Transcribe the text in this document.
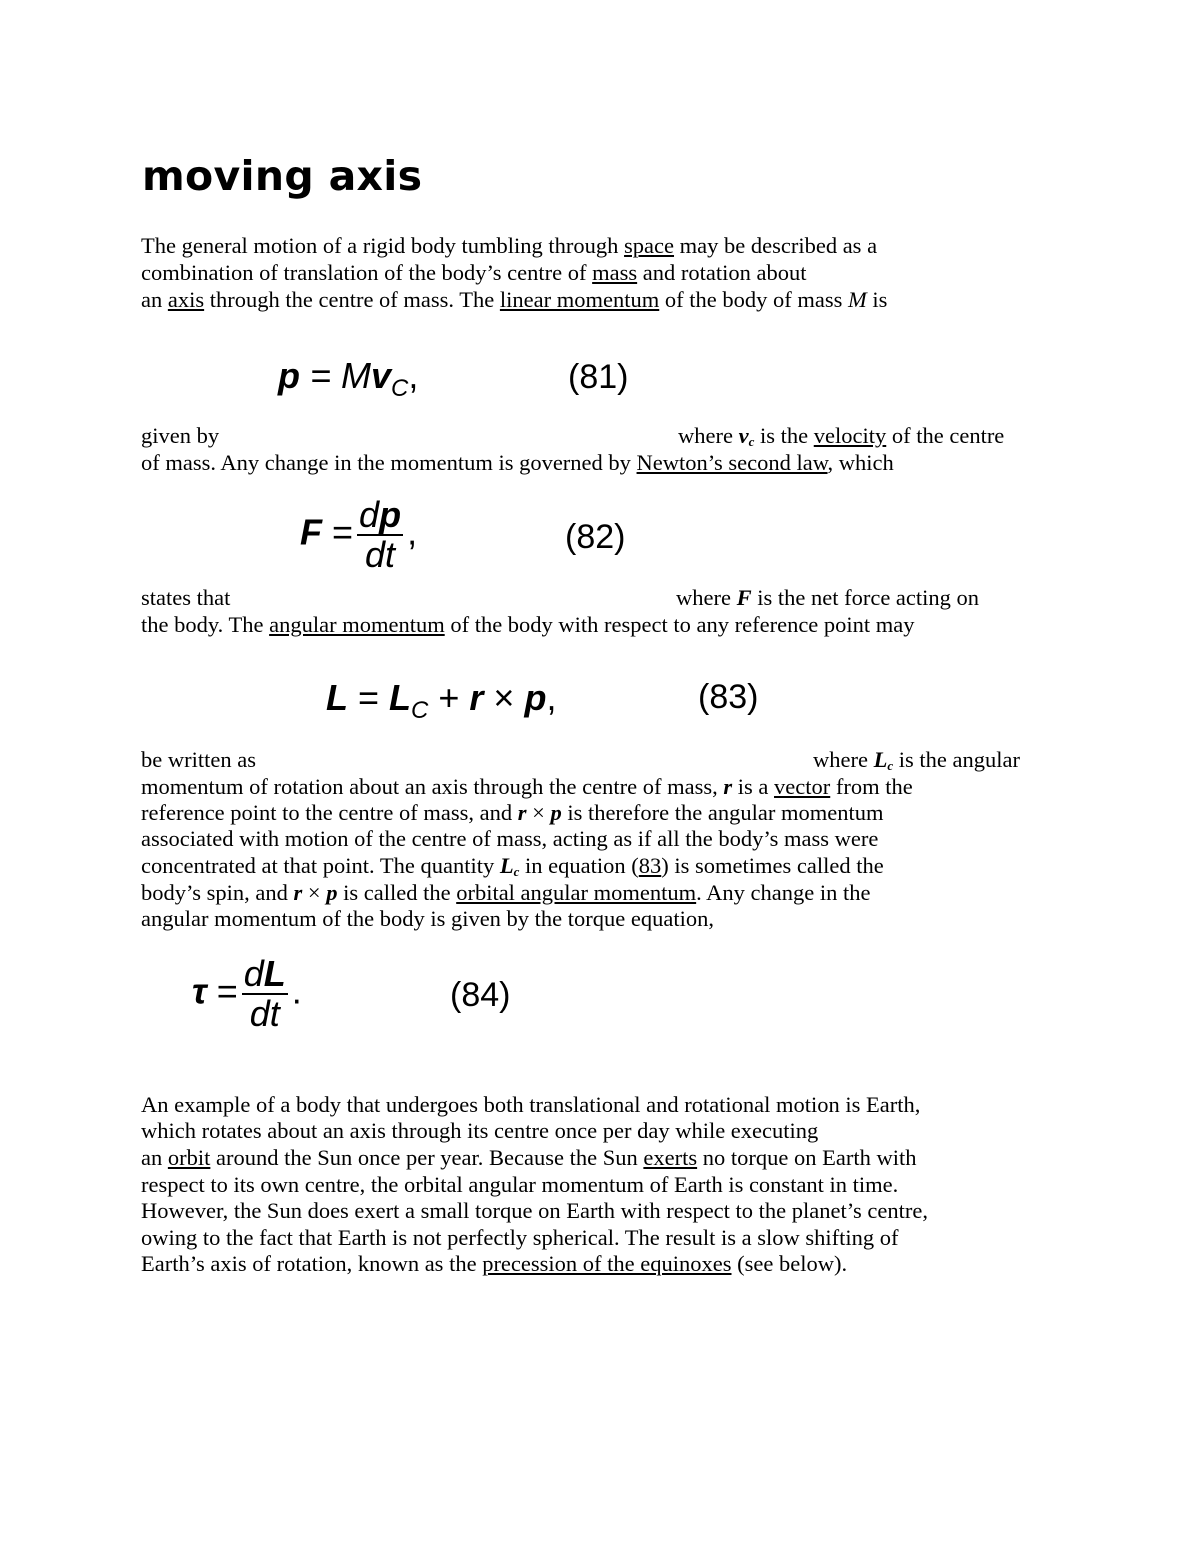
moving axis
The general motion of a rigid body tumbling through space may be described as a
combination of translation of the body’s centre of mass and rotation about
an axis through the centre of mass. The linear momentum of the body of mass M is
$p = Mv_C$,	(81)
given by	where $v_c$ is the velocity of the centre
of mass. Any change in the momentum is governed by Newton’s second law, which
$F = \frac{dp}{dt}$ ,	(82)
states that	where F is the net force acting on
the body. The angular momentum of the body with respect to any reference point may
$L = L_C + r \times p$,	(83)
be written as	where $L_c$ is the angular
momentum of rotation about an axis through the centre of mass, r is a vector from the
reference point to the centre of mass, and r × p is therefore the angular momentum
associated with motion of the centre of mass, acting as if all the body’s mass were
concentrated at that point. The quantity $L_c$ in equation (83) is sometimes called the
body’s spin, and r × p is called the orbital angular momentum. Any change in the
angular momentum of the body is given by the torque equation,
$\tau = \frac{dL}{dt}$ .	(84)
An example of a body that undergoes both translational and rotational motion is Earth,
which rotates about an axis through its centre once per day while executing
an orbit around the Sun once per year. Because the Sun exerts no torque on Earth with
respect to its own centre, the orbital angular momentum of Earth is constant in time.
However, the Sun does exert a small torque on Earth with respect to the planet’s centre,
owing to the fact that Earth is not perfectly spherical. The result is a slow shifting of
Earth’s axis of rotation, known as the precession of the equinoxes (see below).
